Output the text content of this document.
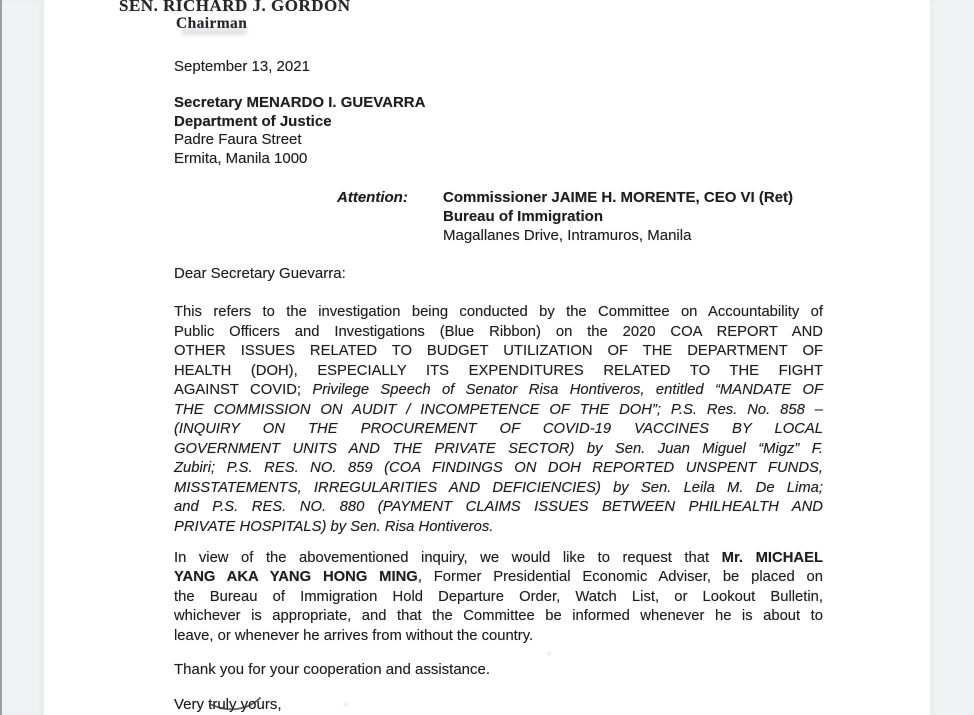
SEN. RICHARD J. GORDON
Chairman
September 13, 2021
Secretary MENARDO I. GUEVARRA
Department of Justice
Padre Faura Street
Ermita, Manila 1000
Attention: Commissioner JAIME H. MORENTE, CEO VI (Ret)
Bureau of Immigration
Magallanes Drive, Intramuros, Manila
Dear Secretary Guevarra:
This refers to the investigation being conducted by the Committee on Accountability of
Public Officers and Investigations (Blue Ribbon) on the 2020 COA REPORT AND
OTHER ISSUES RELATED TO BUDGET UTILIZATION OF THE DEPARTMENT OF
HEALTH (DOH), ESPECIALLY ITS EXPENDITURES RELATED TO THE FIGHT
AGAINST COVID; Privilege Speech of Senator Risa Hontiveros, entitled “MANDATE OF
THE COMMISSION ON AUDIT / INCOMPETENCE OF THE DOH”; P.S. Res. No. 858 –
(INQUIRY ON THE PROCUREMENT OF COVID-19 VACCINES BY LOCAL
GOVERNMENT UNITS AND THE PRIVATE SECTOR) by Sen. Juan Miguel “Migz” F.
Zubiri; P.S. RES. NO. 859 (COA FINDINGS ON DOH REPORTED UNSPENT FUNDS,
MISSTATEMENTS, IRREGULARITIES AND DEFICIENCIES) by Sen. Leila M. De Lima;
and P.S. RES. NO. 880 (PAYMENT CLAIMS ISSUES BETWEEN PHILHEALTH AND
PRIVATE HOSPITALS) by Sen. Risa Hontiveros.
In view of the abovementioned inquiry, we would like to request that Mr. MICHAEL
YANG AKA YANG HONG MING, Former Presidential Economic Adviser, be placed on
the Bureau of Immigration Hold Departure Order, Watch List, or Lookout Bulletin,
whichever is appropriate, and that the Committee be informed whenever he is about to
leave, or whenever he arrives from without the country.
Thank you for your cooperation and assistance.
Very truly yours,
